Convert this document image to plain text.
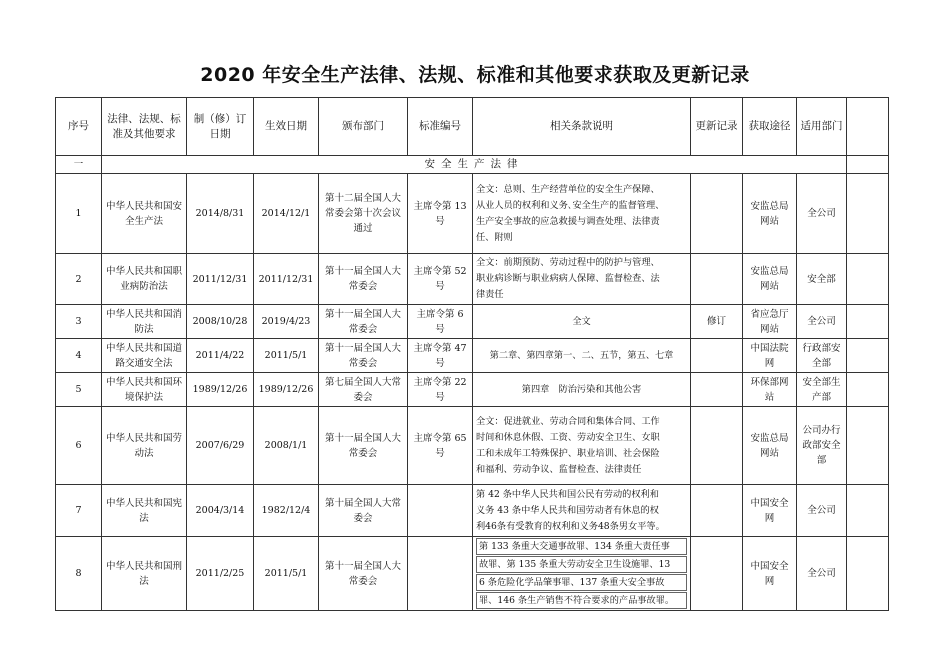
2020 年安全生产法律、法规、标准和其他要求获取及更新记录
序号	法律、法规、标准及其他要求	制（修）订日期	生效日期	颁布部门	标准编号	相关条款说明	更新记录	获取途径	适用部门	
一	安全生产法律									
1	中华人民共和国安全生产法	2014/8/31	2014/12/1	第十二届全国人大常委会第十次会议通过	主席令第 13 号	全文：总则、生产经营单位的安全生产保障、
从业人员的权利和义务､安全生产的监督管理、
生产安全事故的应急救援与调查处理、法律责
任、附则		安监总局网站	全公司	
2	中华人民共和国职业病防治法	2011/12/31	2011/12/31	第十一届全国人大常委会	主席令第 52 号	全文：前期预防、劳动过程中的防护与管理、
职业病诊断与职业病病人保障、监督检查、法
律责任		安监总局网站	安全部	
3	中华人民共和国消防法	2008/10/28	2019/4/23	第十一届全国人大常委会	主席令第 6 号	全文	修订	省应急厅网站	全公司	
4	中华人民共和国道路交通安全法	2011/4/22	2011/5/1	第十一届全国人大常委会	主席令第 47 号	第二章、第四章第一、二、五节，第五、七章		中国法院网	行政部安全部	
5	中华人民共和国环境保护法	1989/12/26	1989/12/26	第七届全国人大常委会	主席令第 22 号	第四章　防治污染和其他公害		环保部网站	安全部生产部	
6	中华人民共和国劳动法	2007/6/29	2008/1/1	第十一届全国人大常委会	主席令第 65 号	全文：促进就业、劳动合同和集体合同、工作
时间和休息休假、工资、劳动安全卫生、女职
工和未成年工特殊保护、职业培训、社会保险
和福利、劳动争议、监督检查、法律责任		安监总局网站	公司办行政部安全部	
7	中华人民共和国宪法	2004/3/14	1982/12/4	第十届全国人大常委会		第 42 条中华人民共和国公民有劳动的权利和
义务 43 条中华人民共和国劳动者有休息的权
利46条有受教育的权利和义务48条男女平等。		中国安全网	全公司	
8	中华人民共和国刑法	2011/2/25	2011/5/1	第十一届全国人大常委会		第 133 条重大交通事故罪、134 条重大责任事
故罪、第 135 条重大劳动安全卫生设施罪、13
6 条危险化学品肇事罪、137 条重大安全事故
罪、146 条生产销售不符合要求的产品事故罪。		中国安全网	全公司	
